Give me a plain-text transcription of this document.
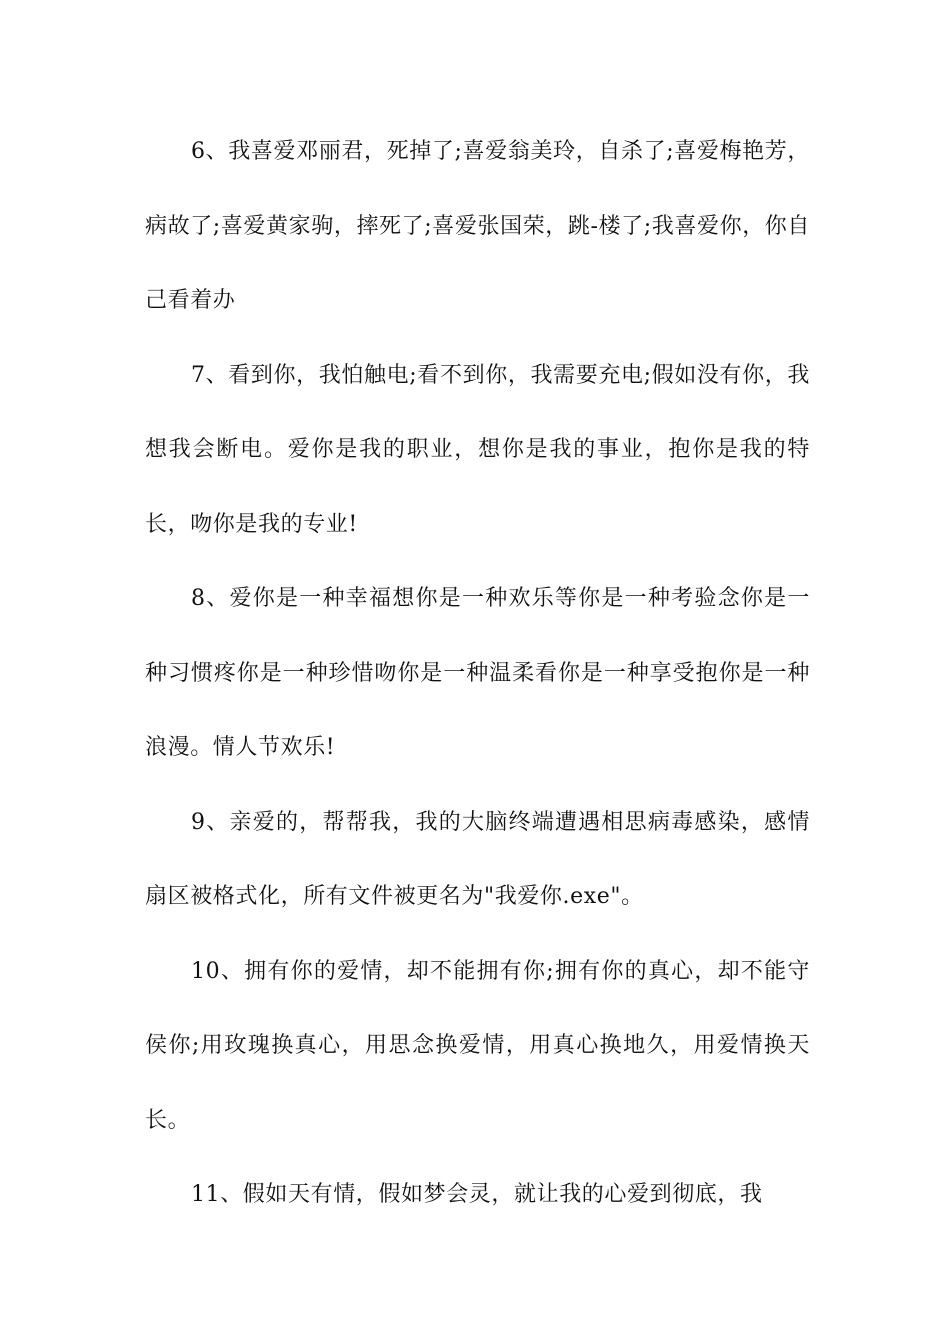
6、我喜爱邓丽君，死掉了;喜爱翁美玲，自杀了;喜爱梅艳芳，病故了;喜爱黄家驹，摔死了;喜爱张国荣，跳-楼了;我喜爱你，你自己看着办

7、看到你，我怕触电;看不到你，我需要充电;假如没有你，我想我会断电。爱你是我的职业，想你是我的事业，抱你是我的特长，吻你是我的专业!

8、爱你是一种幸福想你是一种欢乐等你是一种考验念你是一种习惯疼你是一种珍惜吻你是一种温柔看你是一种享受抱你是一种浪漫。情人节欢乐!

9、亲爱的，帮帮我，我的大脑终端遭遇相思病毒感染，感情扇区被格式化，所有文件被更名为"我爱你.exe"。

10、拥有你的爱情，却不能拥有你;拥有你的真心，却不能守侯你;用玫瑰换真心，用思念换爱情，用真心换地久，用爱情换天长。

11、假如天有情，假如梦会灵，就让我的心爱到彻底，我
